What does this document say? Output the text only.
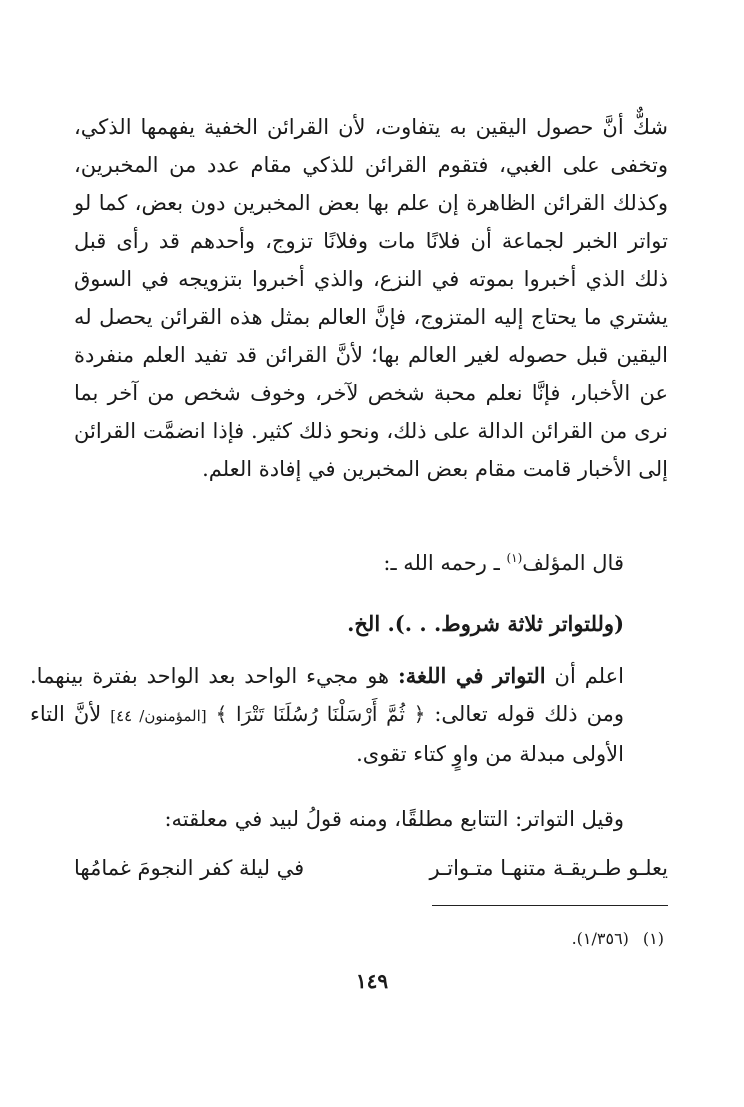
شكٌّ أنَّ حصول اليقين به يتفاوت، لأن القرائن الخفية يفهمها الذكي، وتخفى على الغبي، فتقوم القرائن للذكي مقام عدد من المخبرين، وكذلك القرائن الظاهرة إن علم بها بعض المخبرين دون بعض، كما لو تواتر الخبر لجماعة أن فلانًا مات وفلانًا تزوج، وأحدهم قد رأى قبل ذلك الذي أخبروا بموته في النزع، والذي أخبروا بتزويجه في السوق يشتري ما يحتاج إليه المتزوج، فإنَّ العالم بمثل هذه القرائن يحصل له اليقين قبل حصوله لغير العالم بها؛ لأنَّ القرائن قد تفيد العلم منفردة عن الأخبار، فإنَّا نعلم محبة شخص لآخر، وخوف شخص من آخر بما نرى من القرائن الدالة على ذلك، ونحو ذلك كثير. فإذا انضمَّت القرائن إلى الأخبار قامت مقام بعض المخبرين في إفادة العلم.

قال المؤلف$^{(١)}$ ـ رحمه الله ـ:

(وللتواتر ثلاثة شروط. . .). الخ.

اعلم أن التواتر في اللغة: هو مجيء الواحد بعد الواحد بفترة بينهما. ومن ذلك قوله تعالى: ﴿ ثُمَّ أَرْسَلْنَا رُسُلَنَا تَتْرَا ﴾ [المؤمنون/ ٤٤] لأنَّ التاء الأولى مبدلة من واوٍ كتاء تقوى.

وقيل التواتر: التتابع مطلقًا، ومنه قولُ لبيد في معلقته:

يعلـو طـريقـة متنهـا متـواتـر
في ليلة كفر النجومَ غمامُها
(١)(١/٣٥٦).
١٤٩
